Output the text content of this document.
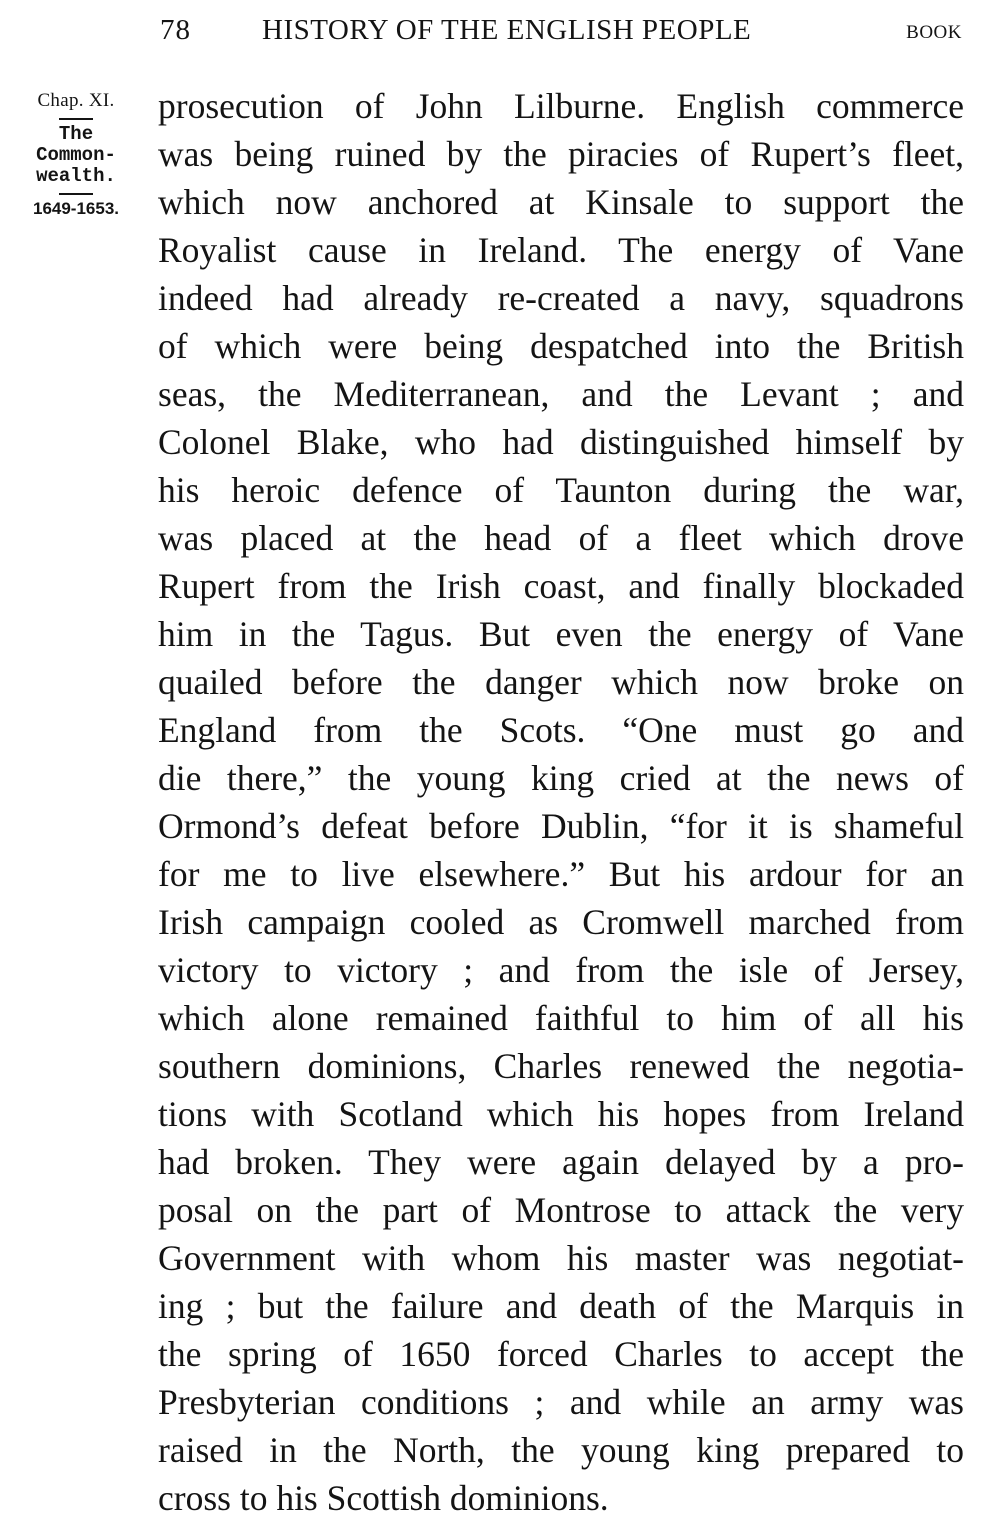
78 HISTORY OF THE ENGLISH PEOPLE	BOOK
Chap. XI.
The
Common-
wealth.
1649-1653.
prosecution of John Lilburne. English commerce
was being ruined by the piracies of Rupert’s fleet,
which now anchored at Kinsale to support the
Royalist cause in Ireland. The energy of Vane
indeed had already re-created a navy, squadrons
of which were being despatched into the British
seas, the Mediterranean, and the Levant ; and
Colonel Blake, who had distinguished himself by
his heroic defence of Taunton during the war,
was placed at the head of a fleet which drove
Rupert from the Irish coast, and finally blockaded
him in the Tagus. But even the energy of Vane
quailed before the danger which now broke on
England from the Scots. “One must go and
die there,” the young king cried at the news of
Ormond’s defeat before Dublin, “for it is shameful
for me to live elsewhere.” But his ardour for an
Irish campaign cooled as Cromwell marched from
victory to victory ; and from the isle of Jersey,
which alone remained faithful to him of all his
southern dominions, Charles renewed the negotia-
tions with Scotland which his hopes from Ireland
had broken. They were again delayed by a pro-
posal on the part of Montrose to attack the very
Government with whom his master was negotiat-
ing ; but the failure and death of the Marquis in
the spring of 1650 forced Charles to accept the
Presbyterian conditions ; and while an army was
raised in the North, the young king prepared to
cross to his Scottish dominions.
